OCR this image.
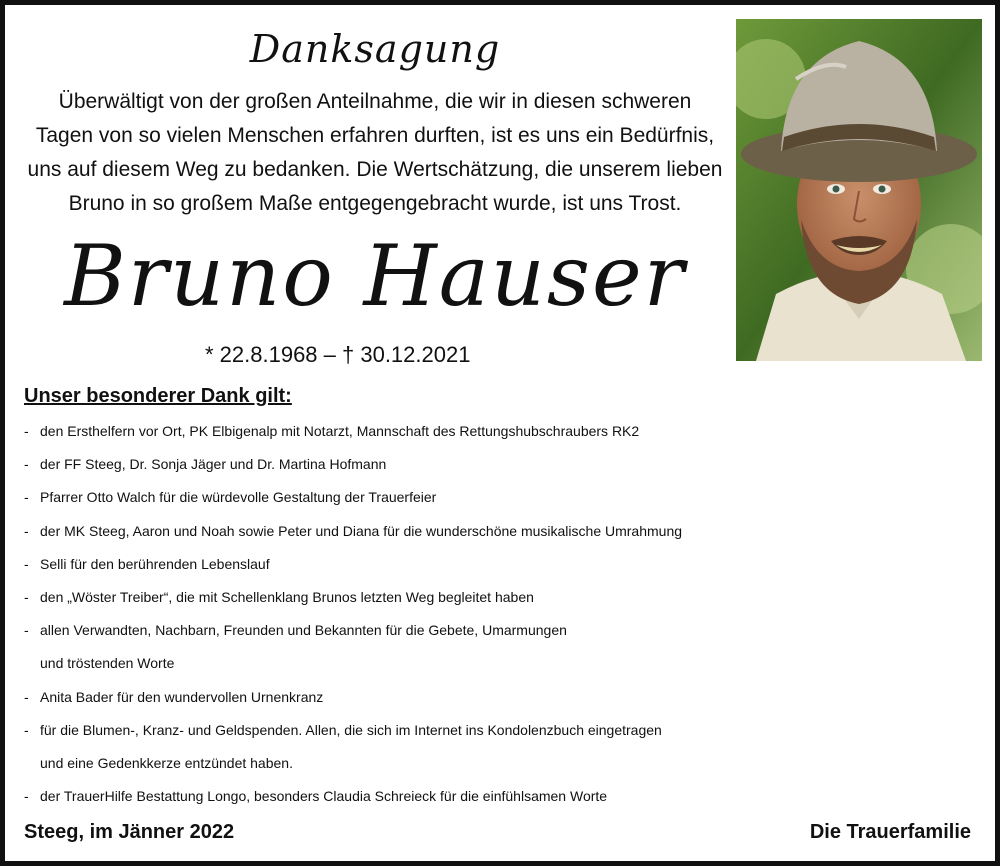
Danksagung
Überwältigt von der großen Anteilnahme, die wir in diesen schweren
Tagen von so vielen Menschen erfahren durften, ist es uns ein Bedürfnis,
uns auf diesem Weg zu bedanken. Die Wertschätzung, die unserem lieben
Bruno in so großem Maße entgegengebracht wurde, ist uns Trost.
Bruno Hauser
* 22.8.1968 – † 30.12.2021
Unser besonderer Dank gilt:
- den Ersthelfern vor Ort, PK Elbigenalp mit Notarzt, Mannschaft des Rettungshubschraubers RK2
- der FF Steeg, Dr. Sonja Jäger und Dr. Martina Hofmann
- Pfarrer Otto Walch für die würdevolle Gestaltung der Trauerfeier
- der MK Steeg, Aaron und Noah sowie Peter und Diana für die wunderschöne musikalische Umrahmung
- Selli für den berührenden Lebenslauf
- den „Wöster Treiber“, die mit Schellenklang Brunos letzten Weg begleitet haben
- allen Verwandten, Nachbarn, Freunden und Bekannten für die Gebete, Umarmungen
und tröstenden Worte
- Anita Bader für den wundervollen Urnenkranz
- für die Blumen-, Kranz- und Geldspenden. Allen, die sich im Internet ins Kondolenzbuch eingetragen
und eine Gedenkkerze entzündet haben.
- der TrauerHilfe Bestattung Longo, besonders Claudia Schreieck für die einfühlsamen Worte
Steeg, im Jänner 2022	Die Trauerfamilie
